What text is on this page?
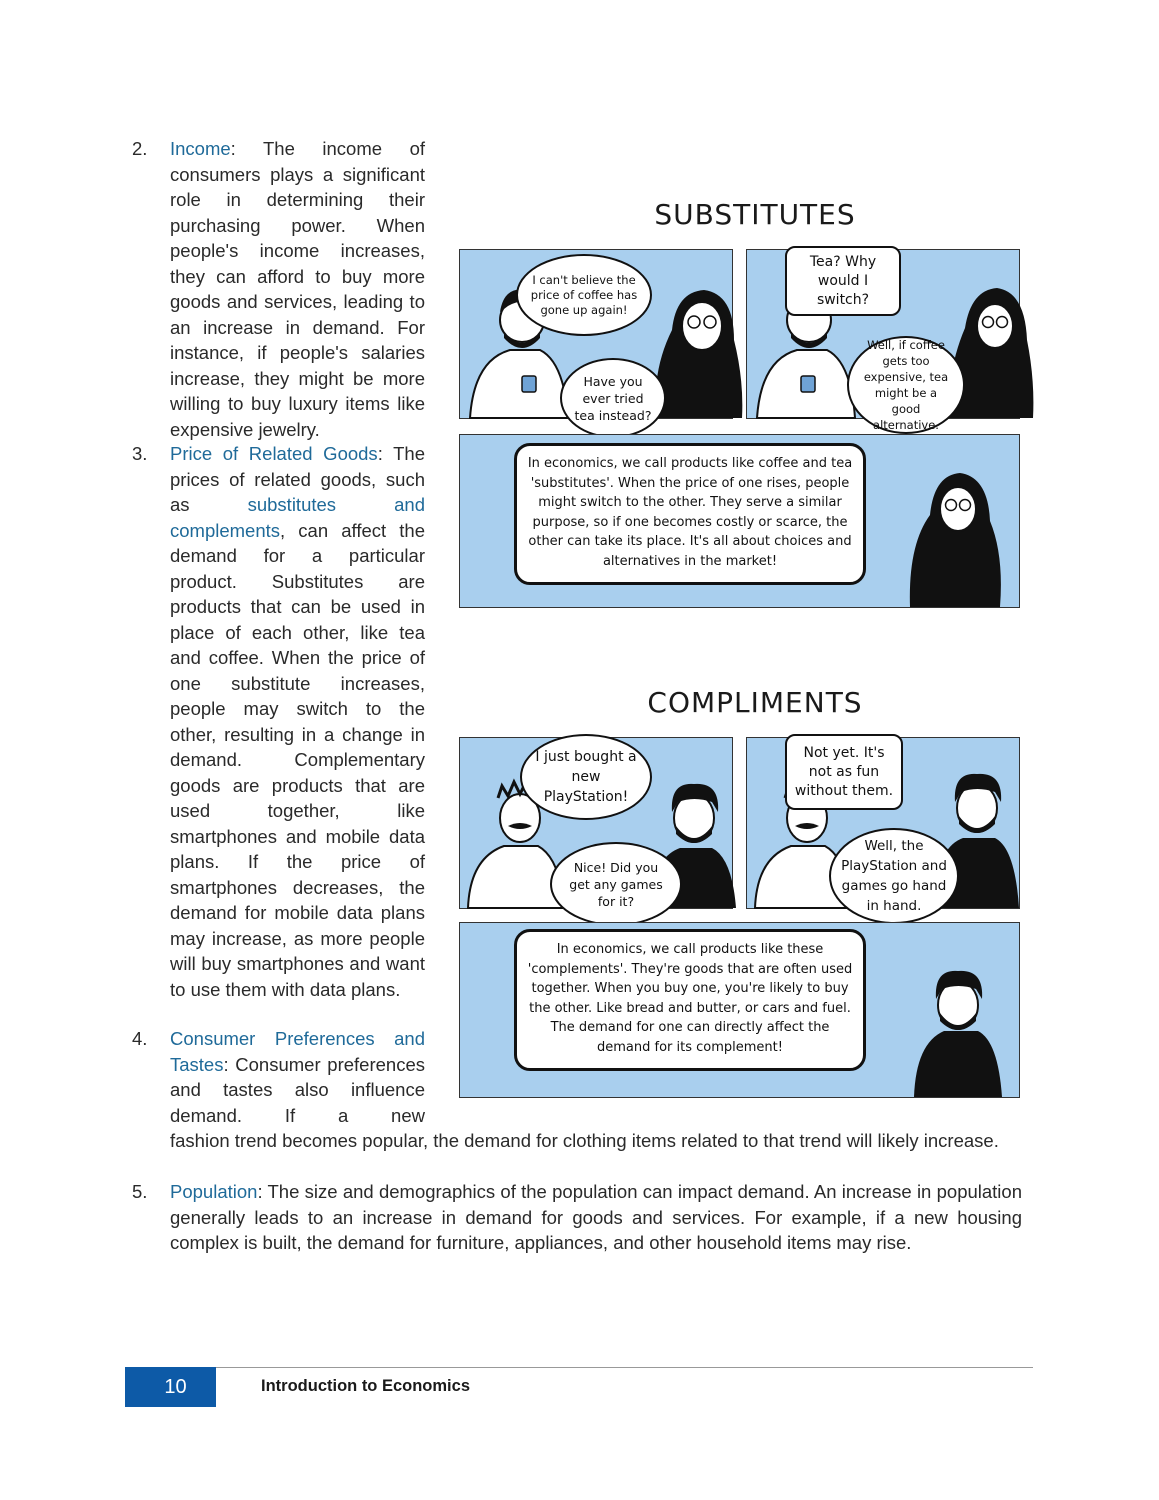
2. Income: The income of consumers plays a significant role in determining their purchasing power. When people's income increases, they can afford to buy more goods and services, leading to an increase in demand. For instance, if people's salaries increase, they might be more willing to buy luxury items like expensive jewelry.
3. Price of Related Goods: The prices of related goods, such as substitutes and complements, can affect the demand for a particular product. Substitutes are products that can be used in place of each other, like tea and coffee. When the price of one substitute increases, people may switch to the other, resulting in a change in demand. Complementary goods are products that are used together, like smartphones and mobile data plans. If the price of smartphones decreases, the demand for mobile data plans may increase, as more people will buy smartphones and want to use them with data plans.
4. Consumer Preferences and Tastes: Consumer preferences and tastes also influence demand. If a new
fashion trend becomes popular, the demand for clothing items related to that trend will likely increase.
5. Population: The size and demographics of the population can impact demand. An increase in population generally leads to an increase in demand for goods and services. For example, if a new housing complex is built, the demand for furniture, appliances, and other household items may rise.
SUBSTITUTES
I can't believe the price of coffee has gone up again!
Have you ever tried tea instead?
Tea? Why would I switch?
Well, if coffee gets too expensive, tea might be a good alternative.
In economics, we call products like coffee and tea 'substitutes'. When the price of one rises, people might switch to the other. They serve a similar purpose, so if one becomes costly or scarce, the other can take its place. It's all about choices and alternatives in the market!
COMPLIMENTS
I just bought a new PlayStation!
Nice! Did you get any games for it?
Not yet. It's not as fun without them.
Well, the PlayStation and games go hand in hand.
In economics, we call products like these 'complements'. They're goods that are often used together. When you buy one, you're likely to buy the other. Like bread and butter, or cars and fuel. The demand for one can directly affect the demand for its complement!
10	Introduction to Economics
